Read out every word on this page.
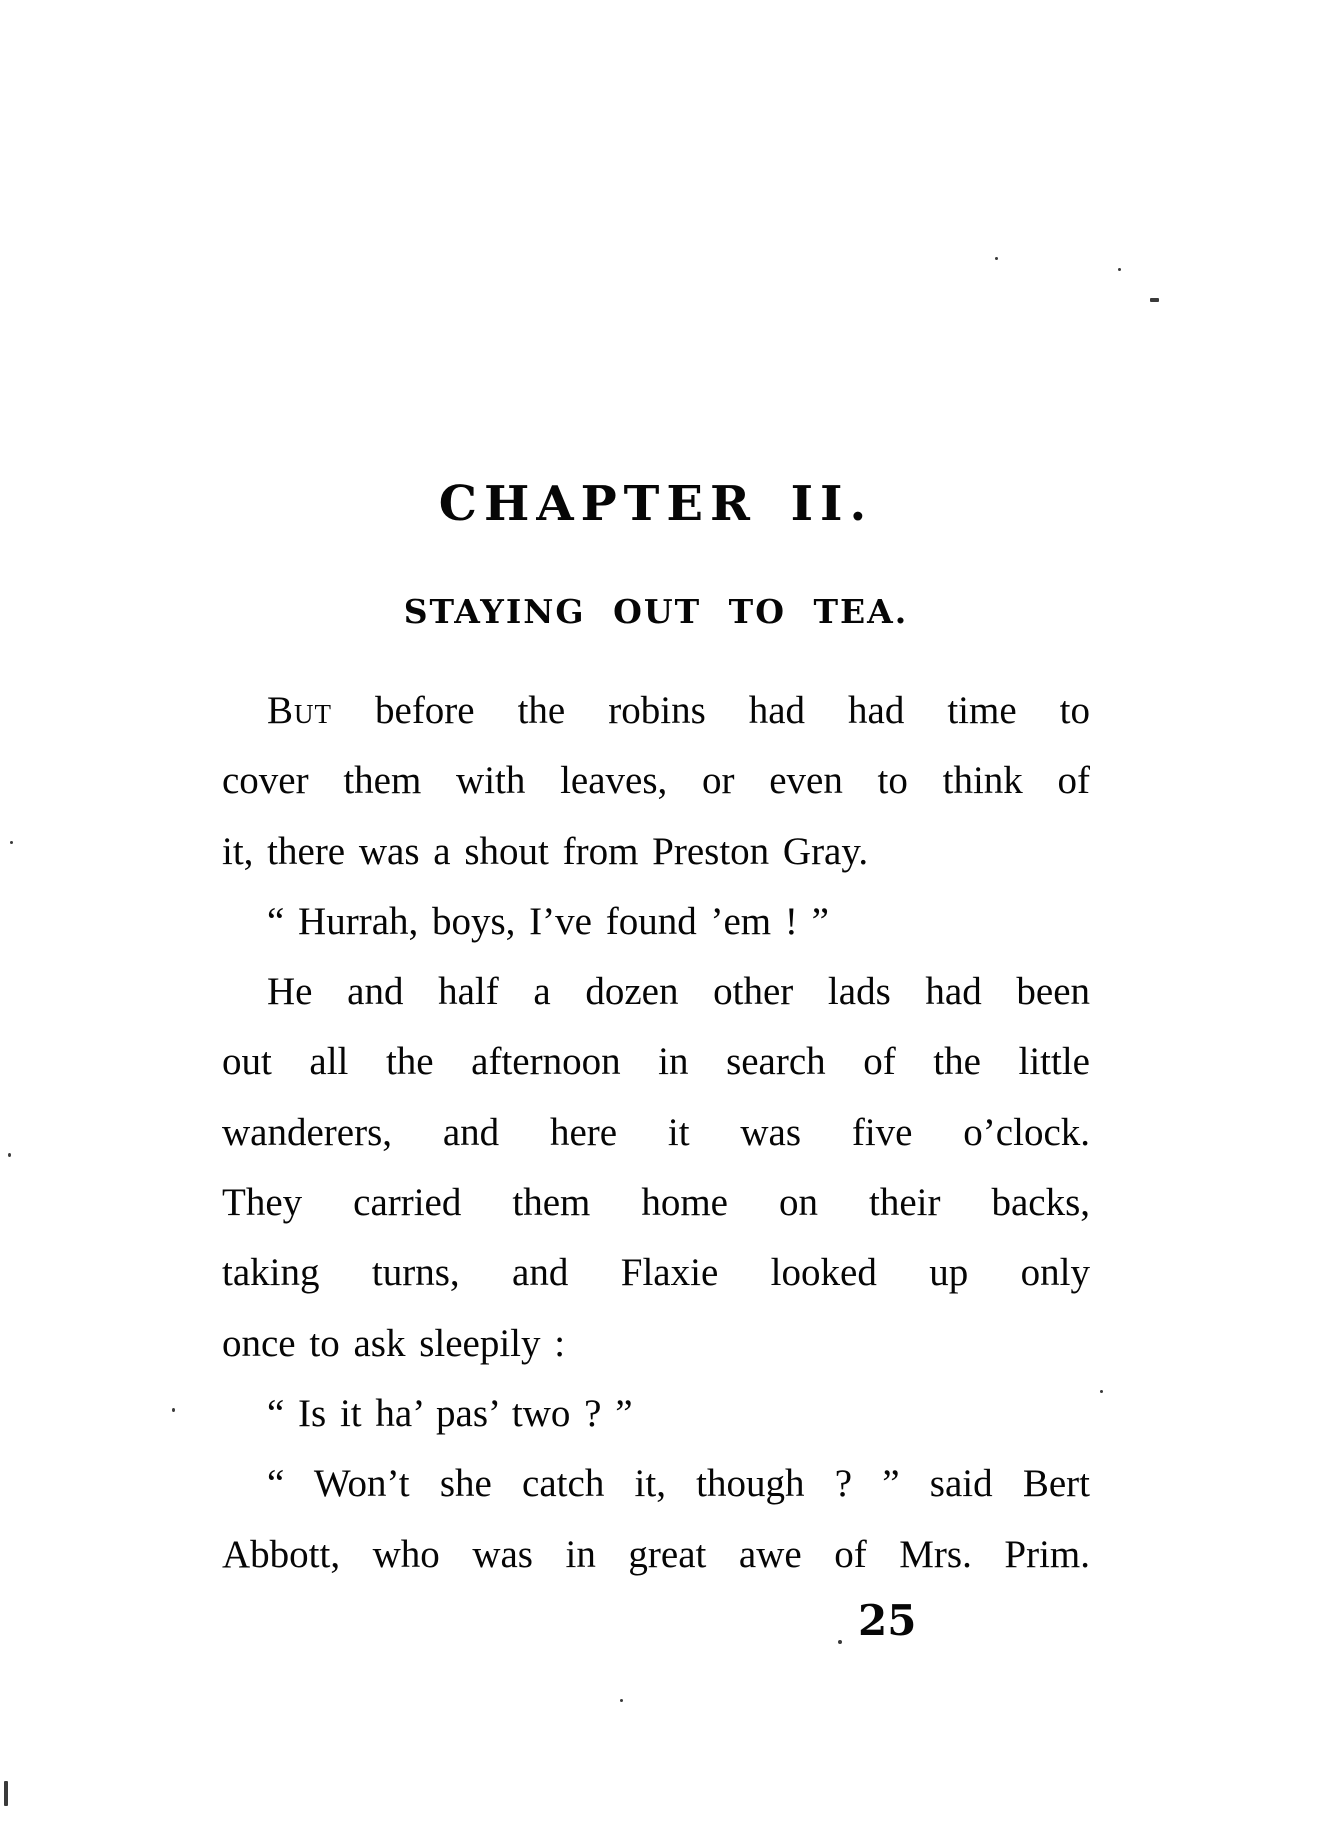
CHAPTER II.
STAYING OUT TO TEA.
But before the robins had had time to
cover them with leaves, or even to think of
it, there was a shout from Preston Gray.
“ Hurrah, boys, I’ve found ’em ! ”
He and half a dozen other lads had been
out all the afternoon in search of the little
wanderers, and here it was five o’clock.
They carried them home on their backs,
taking turns, and Flaxie looked up only
once to ask sleepily :
“ Is it ha’ pas’ two ? ”
“ Won’t she catch it, though ? ” said Bert
Abbott, who was in great awe of Mrs. Prim.
25
